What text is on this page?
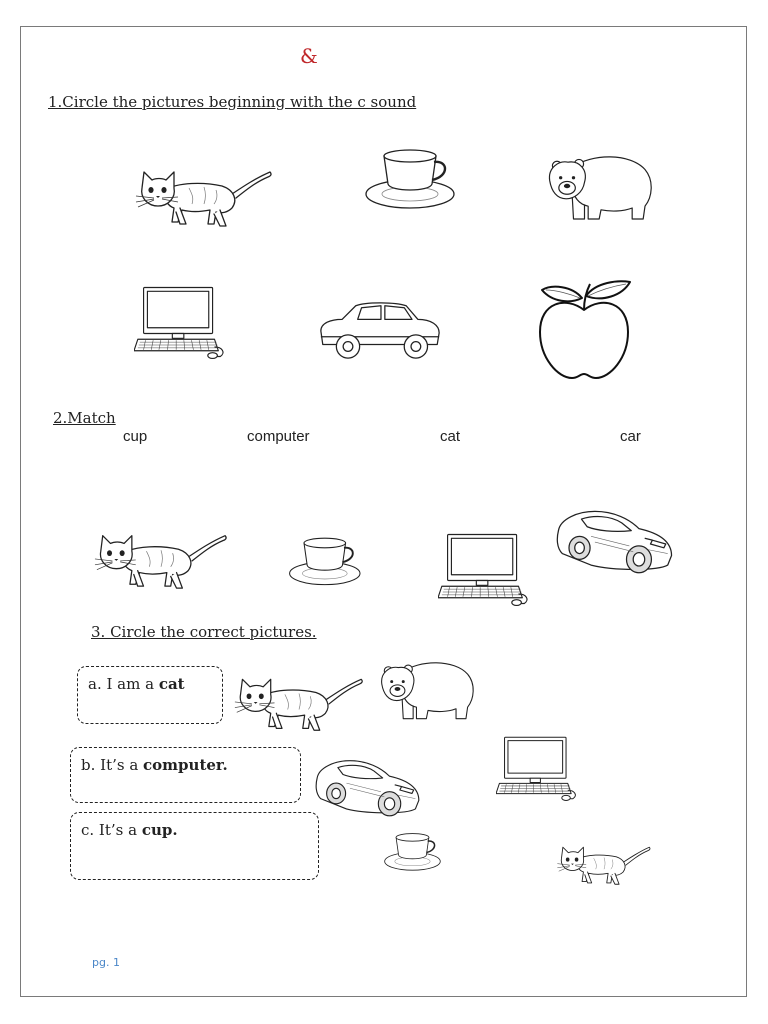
&
1.Circle the pictures beginning with the c sound
2.Match
cup	computer	cat	car
3. Circle the correct pictures.
a. I am a cat
b. It’s a computer.
c. It’s a cup.
pg. 1
